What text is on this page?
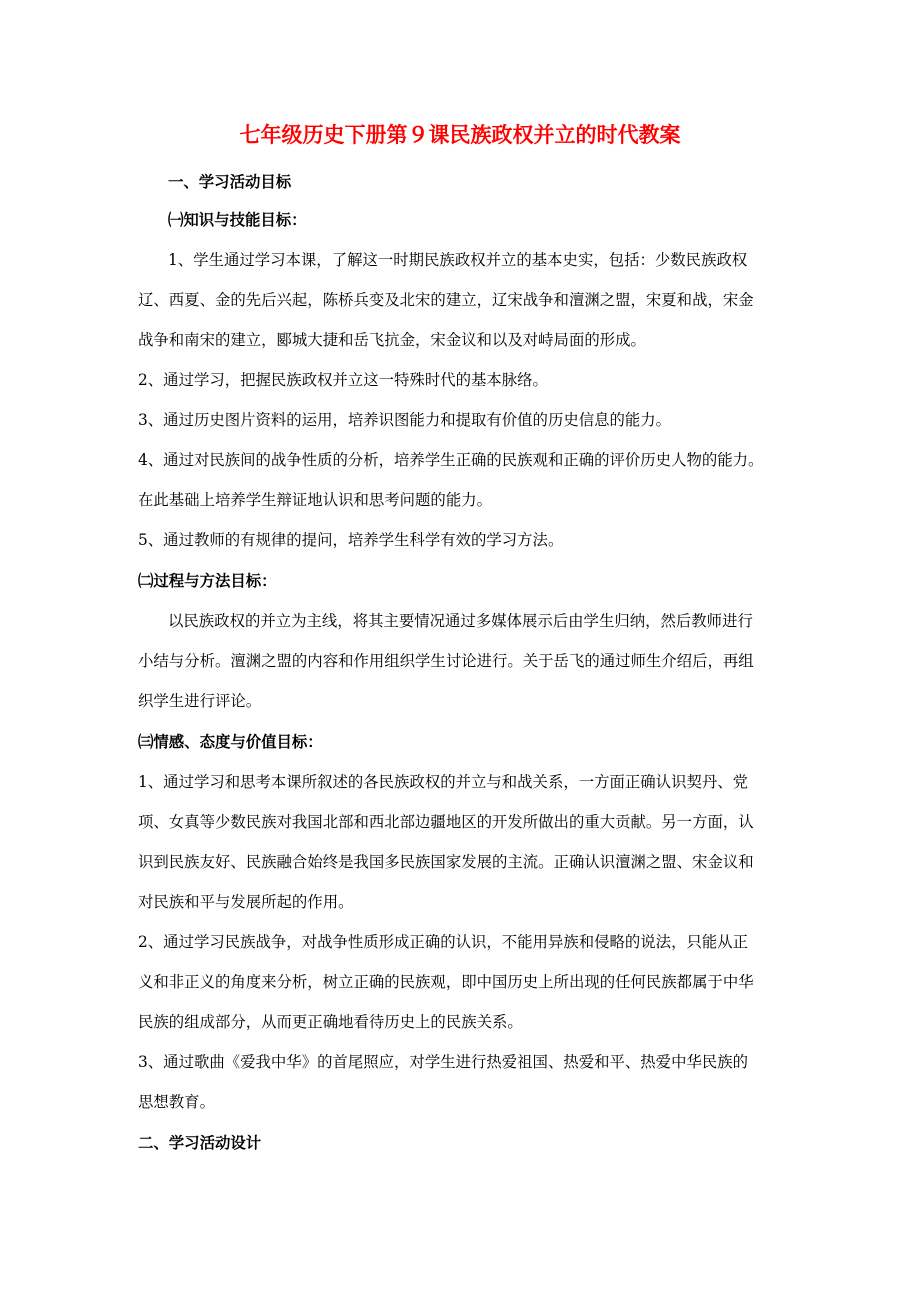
七年级历史下册第９课民族政权并立的时代教案
一、学习活动目标
㈠知识与技能目标：
1、学生通过学习本课，了解这一时期民族政权并立的基本史实，包括：少数民族政权
辽、西夏、金的先后兴起，陈桥兵变及北宋的建立，辽宋战争和澶渊之盟，宋夏和战，宋金
战争和南宋的建立，郾城大捷和岳飞抗金，宋金议和以及对峙局面的形成。
2、通过学习，把握民族政权并立这一特殊时代的基本脉络。
3、通过历史图片资料的运用，培养识图能力和提取有价值的历史信息的能力。
4、通过对民族间的战争性质的分析，培养学生正确的民族观和正确的评价历史人物的能力。
在此基础上培养学生辩证地认识和思考问题的能力。
5、通过教师的有规律的提问，培养学生科学有效的学习方法。
㈡过程与方法目标：
以民族政权的并立为主线，将其主要情况通过多媒体展示后由学生归纳，然后教师进行
小结与分析。澶渊之盟的内容和作用组织学生讨论进行。关于岳飞的通过师生介绍后，再组
织学生进行评论。
㈢情感、态度与价值目标：
1、通过学习和思考本课所叙述的各民族政权的并立与和战关系，一方面正确认识契丹、党
项、女真等少数民族对我国北部和西北部边疆地区的开发所做出的重大贡献。另一方面，认
识到民族友好、民族融合始终是我国多民族国家发展的主流。正确认识澶渊之盟、宋金议和
对民族和平与发展所起的作用。
2、通过学习民族战争，对战争性质形成正确的认识，不能用异族和侵略的说法，只能从正
义和非正义的角度来分析，树立正确的民族观，即中国历史上所出现的任何民族都属于中华
民族的组成部分，从而更正确地看待历史上的民族关系。
3、通过歌曲《爱我中华》的首尾照应，对学生进行热爱祖国、热爱和平、热爱中华民族的
思想教育。
二、学习活动设计
